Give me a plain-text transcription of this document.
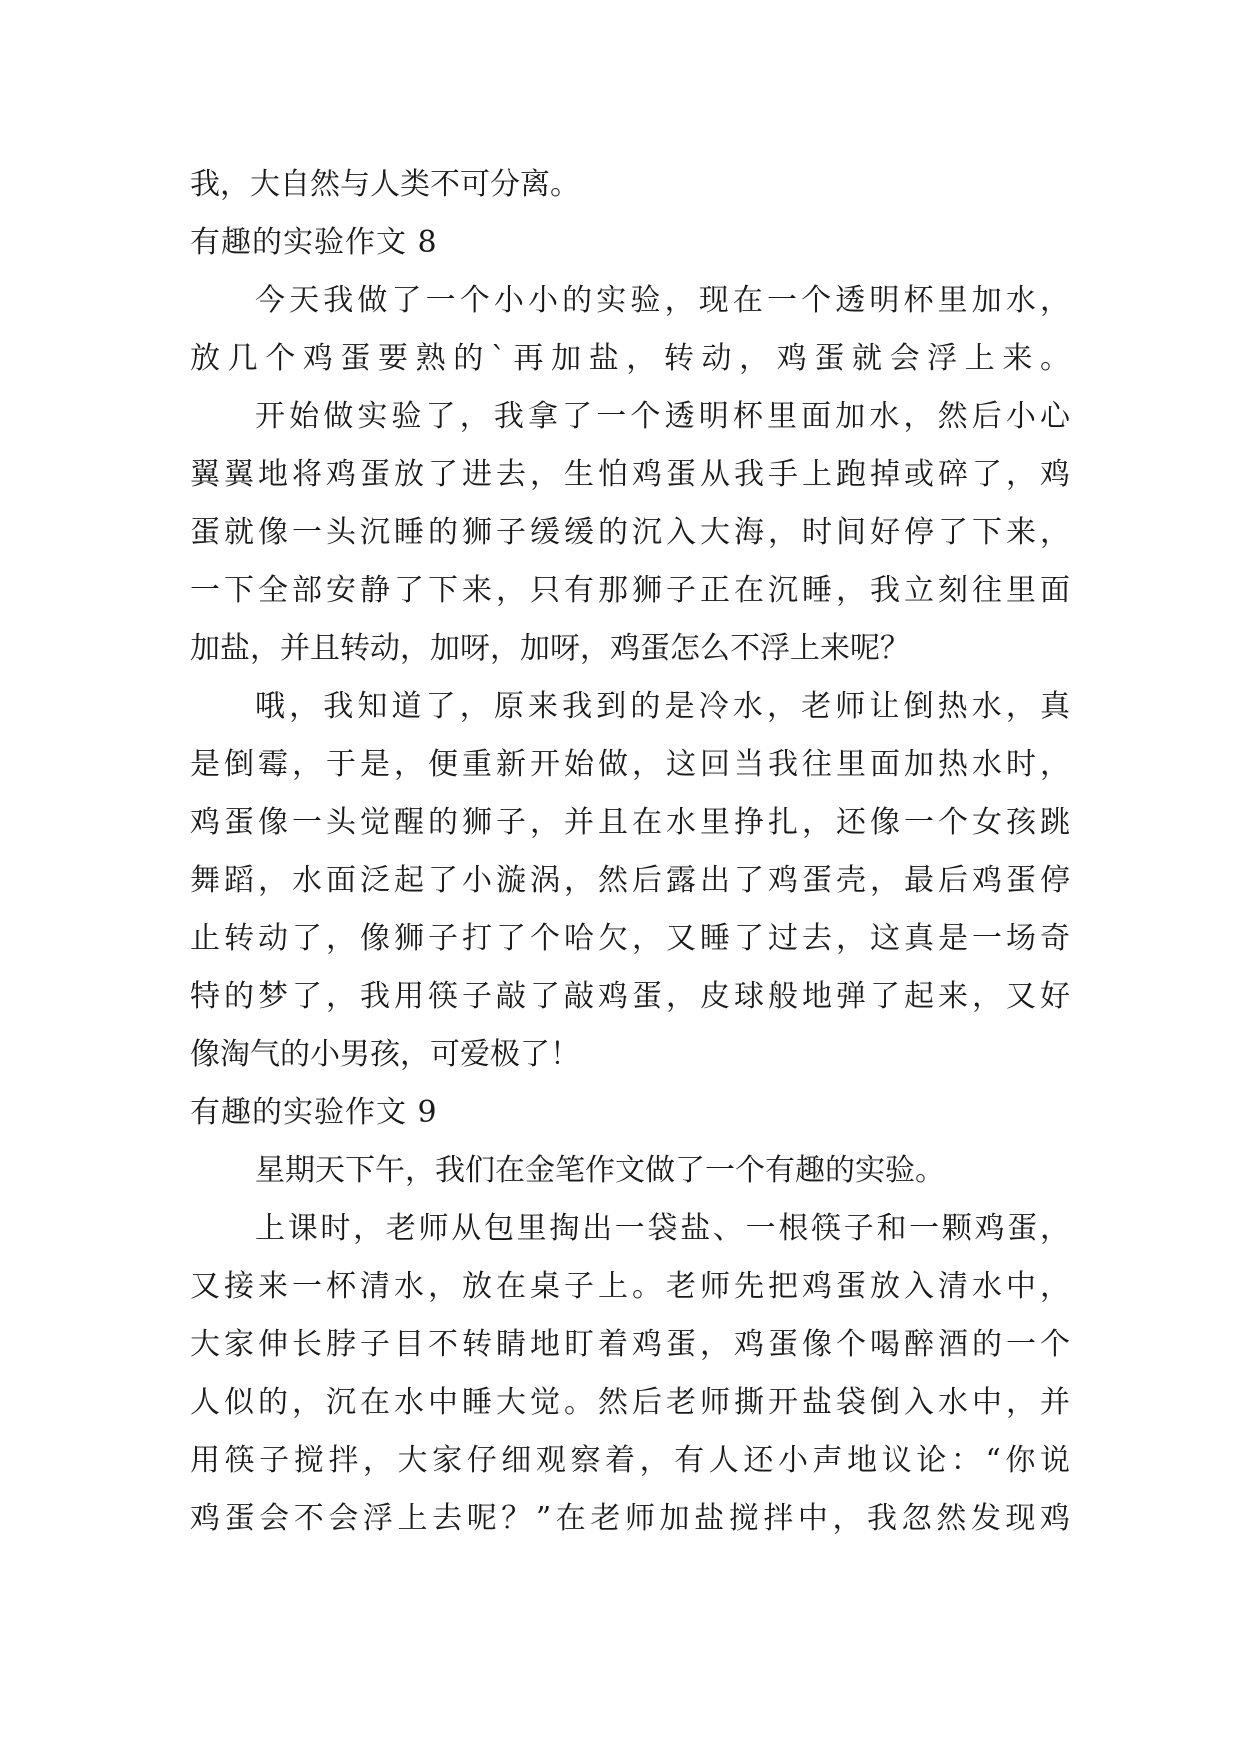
我，大自然与人类不可分离。
有趣的实验作文 8
今天我做了一个小小的实验，现在一个透明杯里加水，
放几个鸡蛋要熟的`再加盐，转动，鸡蛋就会浮上来。
开始做实验了，我拿了一个透明杯里面加水，然后小心
翼翼地将鸡蛋放了进去，生怕鸡蛋从我手上跑掉或碎了，鸡
蛋就像一头沉睡的狮子缓缓的沉入大海，时间好停了下来，
一下全部安静了下来，只有那狮子正在沉睡，我立刻往里面
加盐，并且转动，加呀，加呀，鸡蛋怎么不浮上来呢？
哦，我知道了，原来我到的是冷水，老师让倒热水，真
是倒霉，于是，便重新开始做，这回当我往里面加热水时，
鸡蛋像一头觉醒的狮子，并且在水里挣扎，还像一个女孩跳
舞蹈，水面泛起了小漩涡，然后露出了鸡蛋壳，最后鸡蛋停
止转动了，像狮子打了个哈欠，又睡了过去，这真是一场奇
特的梦了，我用筷子敲了敲鸡蛋，皮球般地弹了起来，又好
像淘气的小男孩，可爱极了！
有趣的实验作文 9
星期天下午，我们在金笔作文做了一个有趣的实验。
上课时，老师从包里掏出一袋盐、一根筷子和一颗鸡蛋，
又接来一杯清水，放在桌子上。老师先把鸡蛋放入清水中，
大家伸长脖子目不转睛地盯着鸡蛋，鸡蛋像个喝醉酒的一个
人似的，沉在水中睡大觉。然后老师撕开盐袋倒入水中，并
用筷子搅拌，大家仔细观察着，有人还小声地议论：“你说
鸡蛋会不会浮上去呢？”在老师加盐搅拌中，我忽然发现鸡
